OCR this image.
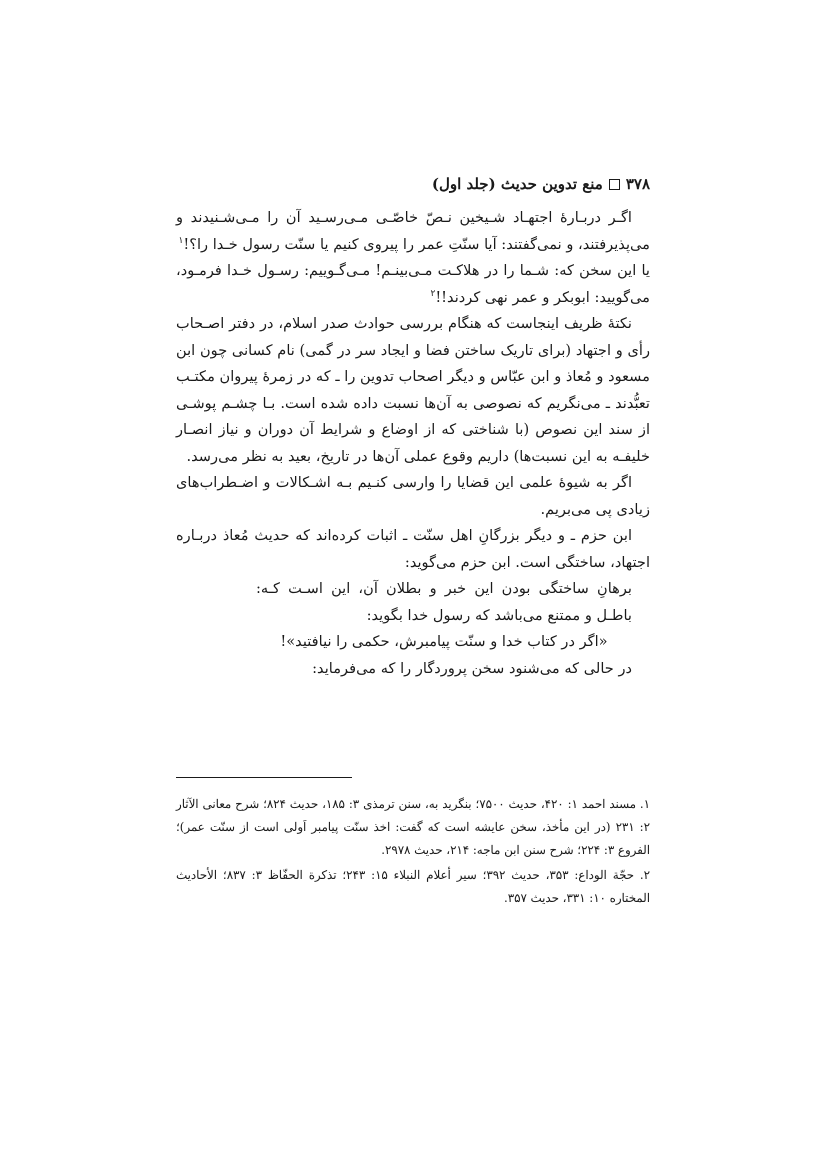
۳۷۸
منع تدوین حدیث (جلد اول)

اگـر دربـارهٔ اجتهـاد شـیخین نـصّ خاصّـی مـی‌رسـید آن را مـی‌شـنیدند و می‌پذیرفتند، و نمی‌گفتند: آیا سنّتِ عمر را پیروی کنیم یا سنّت رسول خـدا را؟!$^۱$

یا این سخن که: شـما را در هلاکـت مـی‌بینـم! مـی‌گـوییم: رسـول خـدا فرمـود، می‌گویید: ابوبکر و عمر نهی کردند!!$^۲$

نکتهٔ ظریف اینجاست که هنگام بررسی حوادث صدر اسلام، در دفتر اصـحاب رأی و اجتهاد (برای تاریک ساختن فضا و ایجاد سر در گمی) نام کسانی چون ابن مسعود و مُعاذ و ابن عبّاس و دیگر اصحاب تدوین را ـ که در زمرهٔ پیروان مکتـب تعبُّدند ـ می‌نگریم که نصوصی به آن‌ها نسبت داده شده است. بـا چشـم پوشـی از سند این نصوص (با شناختی که از اوضاع و شرایط آن دوران و نیاز انصـار خلیفـه به این نسبت‌ها) داریم وقوع عملی آن‌ها در تاریخ، بعید به نظر می‌رسد.

اگر به شیوهٔ علمی این قضایا را وارسی کنـیم بـه اشـکالات و اضـطراب‌های زیادی پی می‌بریم.

ابن حزم ـ و دیگر بزرگانِ اهل سنّت ـ اثبات کرده‌اند که حدیث مُعاذ دربـاره اجتهاد، ساختگی است. ابن حزم می‌گوید:

برهانِ ساختگی بودن این خبر و بطلان آن، این اسـت کـه: باطـل و ممتنع می‌باشد که رسول خدا بگوید:

«اگر در کتاب خدا و سنّت پیامبرش، حکمی را نیافتید»!

در حالی که می‌شنود سخن پروردگار را که می‌فرماید:

۱. مسند احمد ۱: ۴۲۰، حدیث ۷۵۰۰؛ بنگرید به، سنن ترمذی ۳: ۱۸۵، حدیث ۸۲۴؛ شرح معانی الآثار ۲: ۲۳۱ (در این مأخذ، سخن عایشه است که گفت: اخذ سنّت پیامبر اَولی است از سنّت عمر)؛ الفروع ۳: ۲۲۴؛ شرح سنن ابن ماجه: ۲۱۴، حدیث ۲۹۷۸.

۲. حجّة الوداع: ۳۵۳، حدیث ۳۹۲؛ سیر أعلام النبلاء ۱۵: ۲۴۳؛ تذکرة الحفّاظ ۳: ۸۳۷؛ الأحادیث المختاره ۱۰: ۳۳۱، حدیث ۳۵۷.
